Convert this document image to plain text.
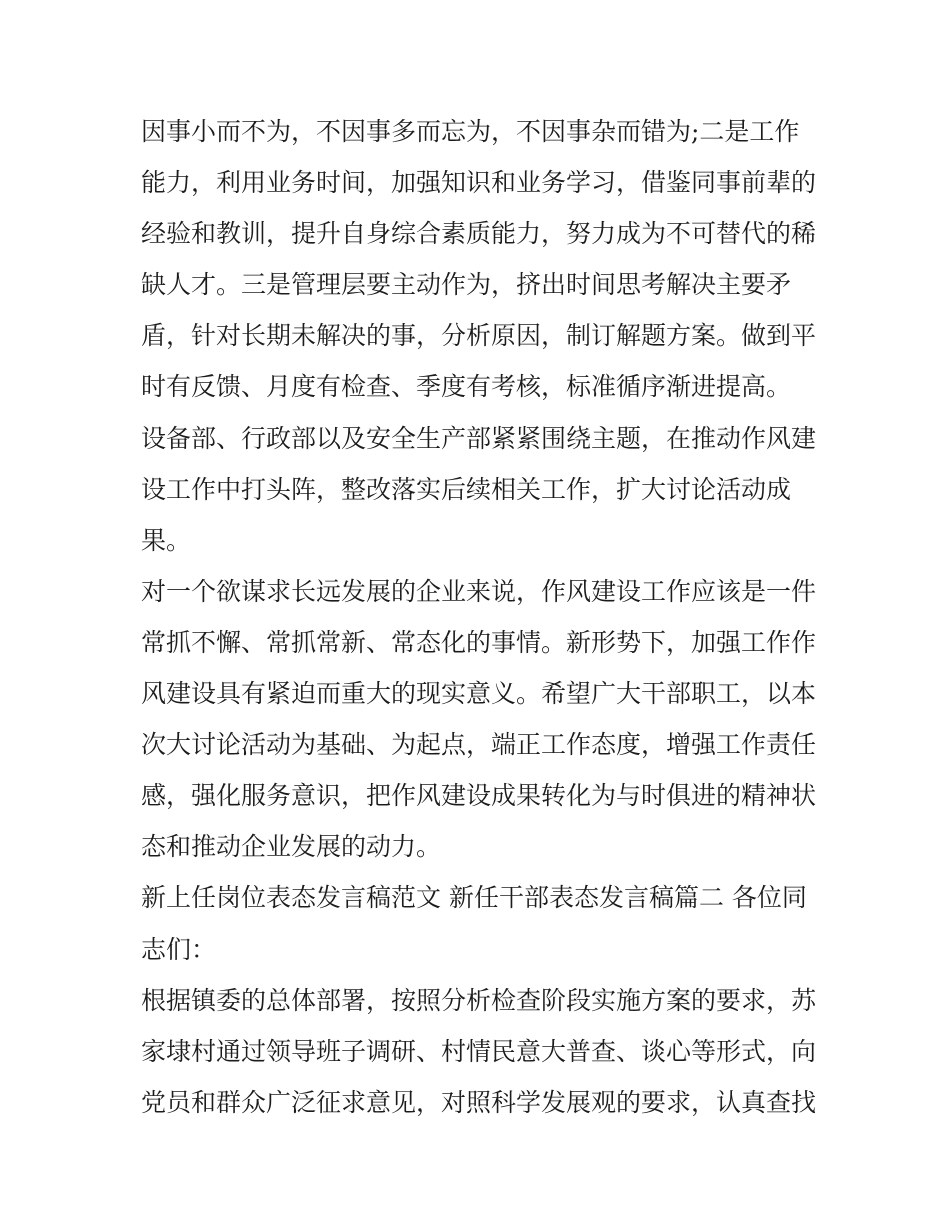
因事小而不为，不因事多而忘为，不因事杂而错为;二是工作
能力，利用业务时间，加强知识和业务学习，借鉴同事前辈的
经验和教训，提升自身综合素质能力，努力成为不可替代的稀
缺人才。三是管理层要主动作为，挤出时间思考解决主要矛
盾，针对长期未解决的事，分析原因，制订解题方案。做到平
时有反馈、月度有检查、季度有考核，标准循序渐进提高。
设备部、行政部以及安全生产部紧紧围绕主题，在推动作风建
设工作中打头阵，整改落实后续相关工作，扩大讨论活动成
果。
对一个欲谋求长远发展的企业来说，作风建设工作应该是一件
常抓不懈、常抓常新、常态化的事情。新形势下，加强工作作
风建设具有紧迫而重大的现实意义。希望广大干部职工，以本
次大讨论活动为基础、为起点，端正工作态度，增强工作责任
感，强化服务意识，把作风建设成果转化为与时俱进的精神状
态和推动企业发展的动力。
新上任岗位表态发言稿范文 新任干部表态发言稿篇二 各位同
志们：
根据镇委的总体部署，按照分析检查阶段实施方案的要求，苏
家埭村通过领导班子调研、村情民意大普查、谈心等形式，向
党员和群众广泛征求意见，对照科学发展观的要求，认真查找
